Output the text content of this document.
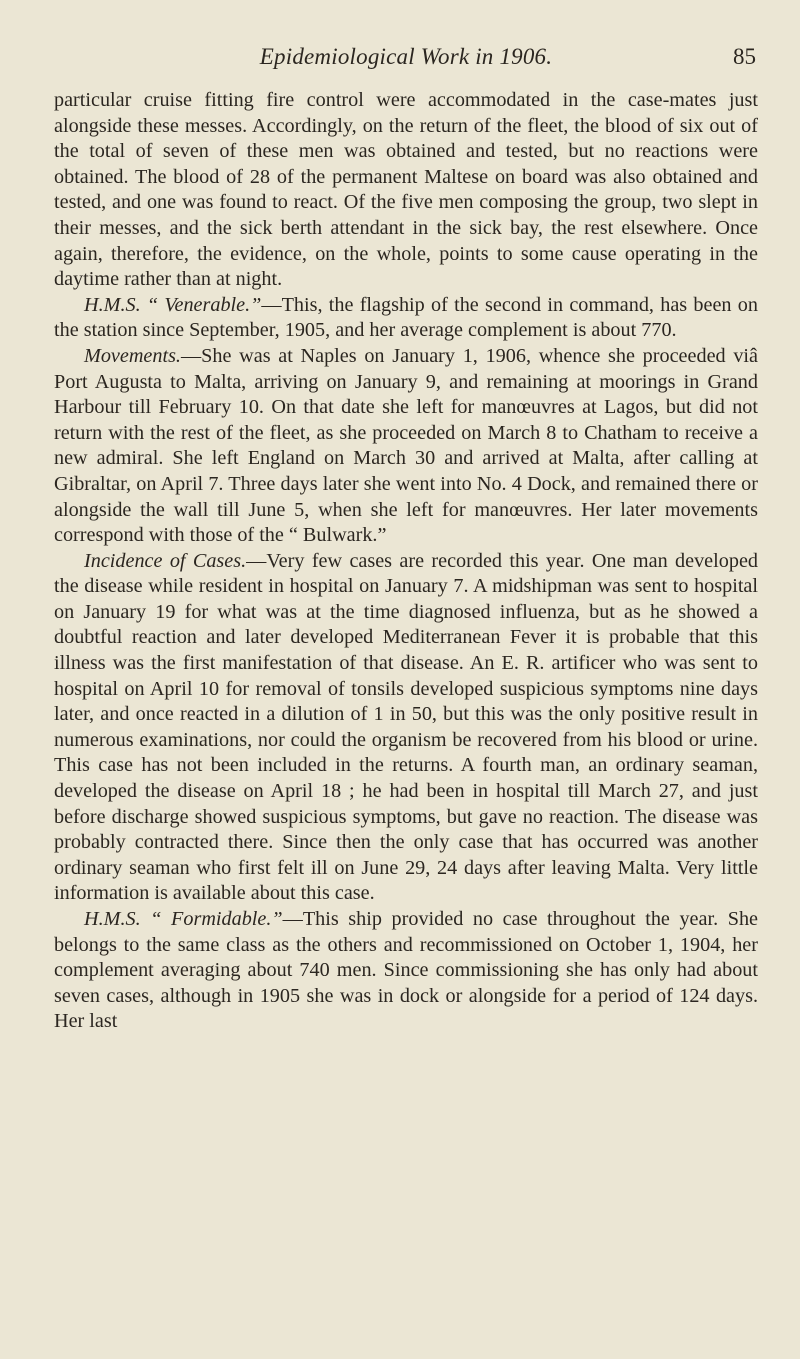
Epidemiological Work in 1906.	85

particular cruise fitting fire control were accommodated in the case-mates just alongside these messes. Accordingly, on the return of the fleet, the blood of six out of the total of seven of these men was obtained and tested, but no reactions were obtained. The blood of 28 of the permanent Maltese on board was also obtained and tested, and one was found to react. Of the five men composing the group, two slept in their messes, and the sick berth attendant in the sick bay, the rest elsewhere. Once again, therefore, the evidence, on the whole, points to some cause operating in the daytime rather than at night.

H.M.S. “ Venerable.”—This, the flagship of the second in command, has been on the station since September, 1905, and her average complement is about 770.

Movements.—She was at Naples on January 1, 1906, whence she proceeded viâ Port Augusta to Malta, arriving on January 9, and remaining at moorings in Grand Harbour till February 10. On that date she left for manœuvres at Lagos, but did not return with the rest of the fleet, as she proceeded on March 8 to Chatham to receive a new admiral. She left England on March 30 and arrived at Malta, after calling at Gibraltar, on April 7. Three days later she went into No. 4 Dock, and remained there or alongside the wall till June 5, when she left for manœuvres. Her later movements correspond with those of the “ Bulwark.”

Incidence of Cases.—Very few cases are recorded this year. One man developed the disease while resident in hospital on January 7. A midshipman was sent to hospital on January 19 for what was at the time diagnosed influenza, but as he showed a doubtful reaction and later developed Mediterranean Fever it is probable that this illness was the first manifestation of that disease. An E. R. artificer who was sent to hospital on April 10 for removal of tonsils developed suspicious symptoms nine days later, and once reacted in a dilution of 1 in 50, but this was the only positive result in numerous examinations, nor could the organism be recovered from his blood or urine. This case has not been included in the returns. A fourth man, an ordinary seaman, developed the disease on April 18 ; he had been in hospital till March 27, and just before discharge showed suspicious symptoms, but gave no reaction. The disease was probably contracted there. Since then the only case that has occurred was another ordinary seaman who first felt ill on June 29, 24 days after leaving Malta. Very little information is available about this case.

H.M.S. “ Formidable.”—This ship provided no case throughout the year. She belongs to the same class as the others and recommissioned on October 1, 1904, her complement averaging about 740 men. Since commissioning she has only had about seven cases, although in 1905 she was in dock or alongside for a period of 124 days. Her last
